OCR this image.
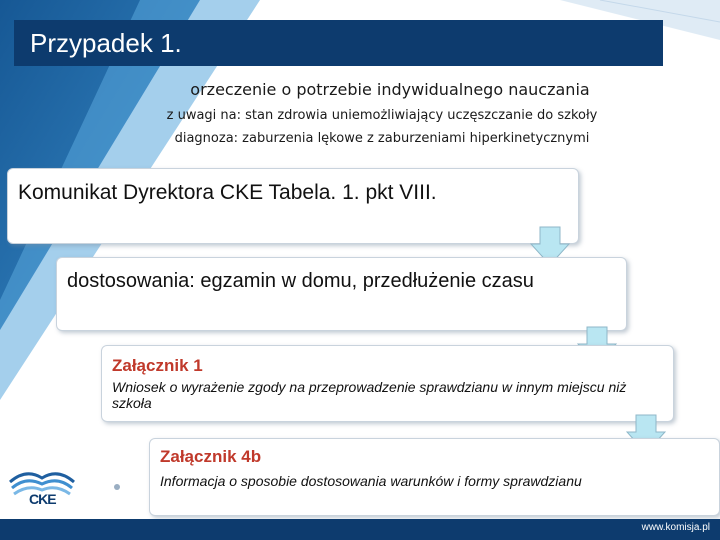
Przypadek 1.
orzeczenie o potrzebie indywidualnego nauczania
z uwagi na: stan zdrowia uniemożliwiający uczęszczanie do szkoły
diagnoza: zaburzenia lękowe z zaburzeniami hiperkinetycznymi
Komunikat Dyrektora CKE Tabela. 1. pkt VIII.
dostosowania: egzamin w domu, przedłużenie czasu
Załącznik 1
Wniosek o wyrażenie zgody na przeprowadzenie sprawdzianu w innym miejscu niż szkoła
Załącznik 4b
Informacja o sposobie dostosowania warunków i formy sprawdzianu
CKE
www.komisja.pl
